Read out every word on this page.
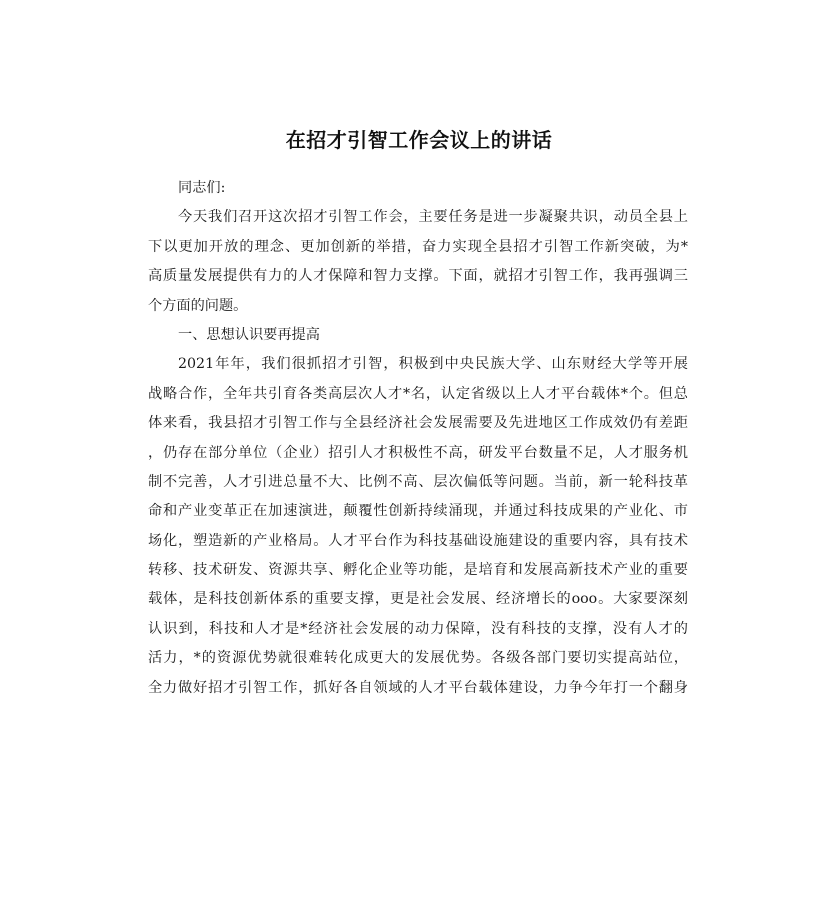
在招才引智工作会议上的讲话
同志们:
今天我们召开这次招才引智工作会，主要任务是进一步凝聚共识，动员全县上
下以更加开放的理念、更加创新的举措，奋力实现全县招才引智工作新突破，为*
高质量发展提供有力的人才保障和智力支撑。下面，就招才引智工作，我再强调三
个方面的问题。
一、思想认识要再提高
2021年年，我们很抓招才引智，积极到中央民族大学、山东财经大学等开展
战略合作，全年共引育各类高层次人才*名，认定省级以上人才平台载体*个。但总
体来看，我县招才引智工作与全县经济社会发展需要及先进地区工作成效仍有差距
，仍存在部分单位（企业）招引人才积极性不高，研发平台数量不足，人才服务机
制不完善，人才引进总量不大、比例不高、层次偏低等问题。当前，新一轮科技革
命和产业变革正在加速演进，颠覆性创新持续涌现，并通过科技成果的产业化、市
场化，塑造新的产业格局。人才平台作为科技基础设施建设的重要内容，具有技术
转移、技术研发、资源共享、孵化企业等功能，是培育和发展高新技术产业的重要
载体，是科技创新体系的重要支撑，更是社会发展、经济增长的ooo。大家要深刻
认识到，科技和人才是*经济社会发展的动力保障，没有科技的支撑，没有人才的
活力，*的资源优势就很难转化成更大的发展优势。各级各部门要切实提高站位，
全力做好招才引智工作，抓好各自领域的人才平台载体建设，力争今年打一个翻身
